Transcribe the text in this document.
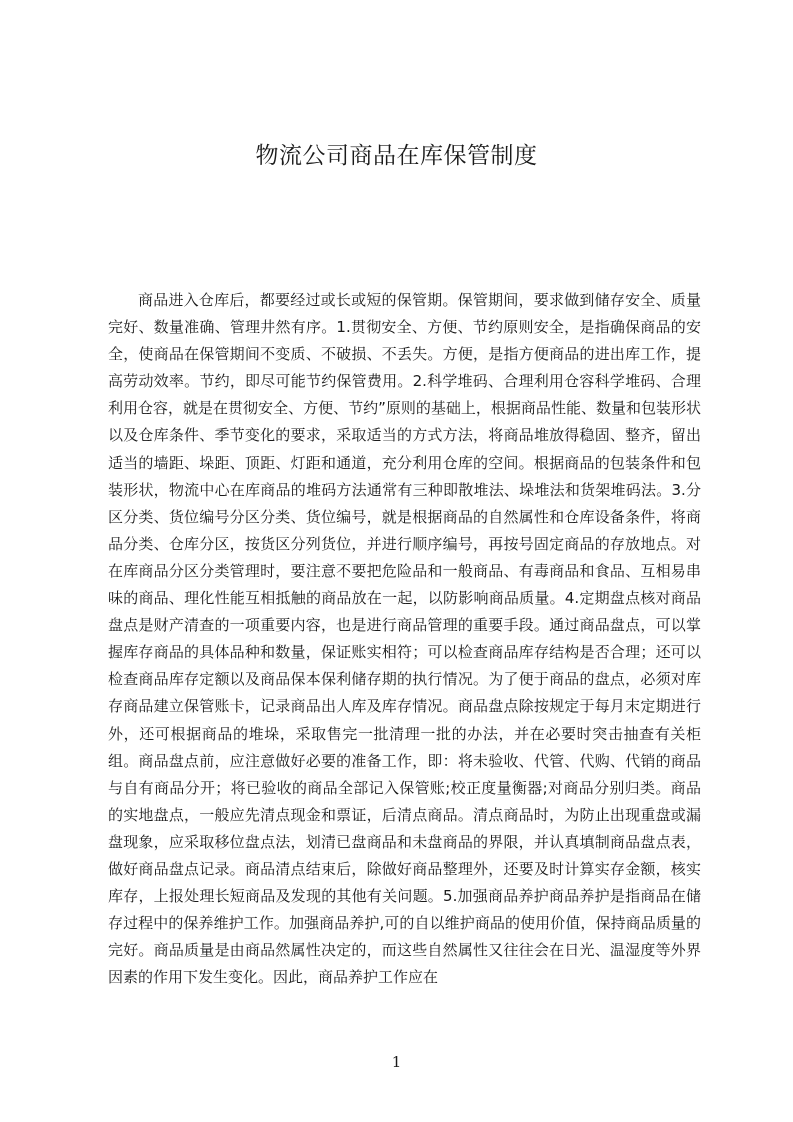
物流公司商品在库保管制度

商品进入仓库后，都要经过或长或短的保管期。保管期间，要求做到储存安全、质量完好、数量准确、管理井然有序。1.贯彻安全、方便、节约原则安全，是指确保商品的安全，使商品在保管期间不变质、不破损、不丢失。方便，是指方便商品的进出库工作，提高劳动效率。节约，即尽可能节约保管费用。2.科学堆码、合理利用仓容科学堆码、合理利用仓容，就是在贯彻安全、方便、节约”原则的基础上，根据商品性能、数量和包装形状以及仓库条件、季节变化的要求，采取适当的方式方法，将商品堆放得稳固、整齐，留出适当的墙距、垛距、顶距、灯距和通道，充分利用仓库的空间。根据商品的包装条件和包装形状，物流中心在库商品的堆码方法通常有三种即散堆法、垛堆法和货架堆码法。3.分区分类、货位编号分区分类、货位编号，就是根据商品的自然属性和仓库设备条件，将商品分类、仓库分区，按货区分列货位，并进行顺序编号，再按号固定商品的存放地点。对在库商品分区分类管理时，要注意不要把危险品和一般商品、有毒商品和食品、互相易串味的商品、理化性能互相抵触的商品放在一起，以防影响商品质量。4.定期盘点核对商品盘点是财产清查的一项重要内容，也是进行商品管理的重要手段。通过商品盘点，可以掌握库存商品的具体品种和数量，保证账实相符；可以检查商品库存结构是否合理；还可以检查商品库存定额以及商品保本保利储存期的执行情况。为了便于商品的盘点，必须对库存商品建立保管账卡，记录商品出人库及库存情况。商品盘点除按规定于每月末定期进行外，还可根据商品的堆垛，采取售完一批清理一批的办法，并在必要时突击抽查有关柜组。商品盘点前，应注意做好必要的准备工作，即：将未验收、代管、代购、代销的商品与自有商品分开；将已验收的商品全部记入保管账;校正度量衡器;对商品分别归类。商品的实地盘点，一般应先清点现金和票证，后清点商品。清点商品时，为防止出现重盘或漏盘现象，应采取移位盘点法，划清已盘商品和未盘商品的界限，并认真填制商品盘点表，做好商品盘点记录。商品清点结束后，除做好商品整理外，还要及时计算实存金额，核实库存，上报处理长短商品及发现的其他有关问题。5.加强商品养护商品养护是指商品在储存过程中的保养维护工作。加强商品养护,可的自以维护商品的使用价值，保持商品质量的完好。商品质量是由商品然属性决定的，而这些自然属性又往往会在日光、温湿度等外界因素的作用下发生变化。因此，商品养护工作应在

1
